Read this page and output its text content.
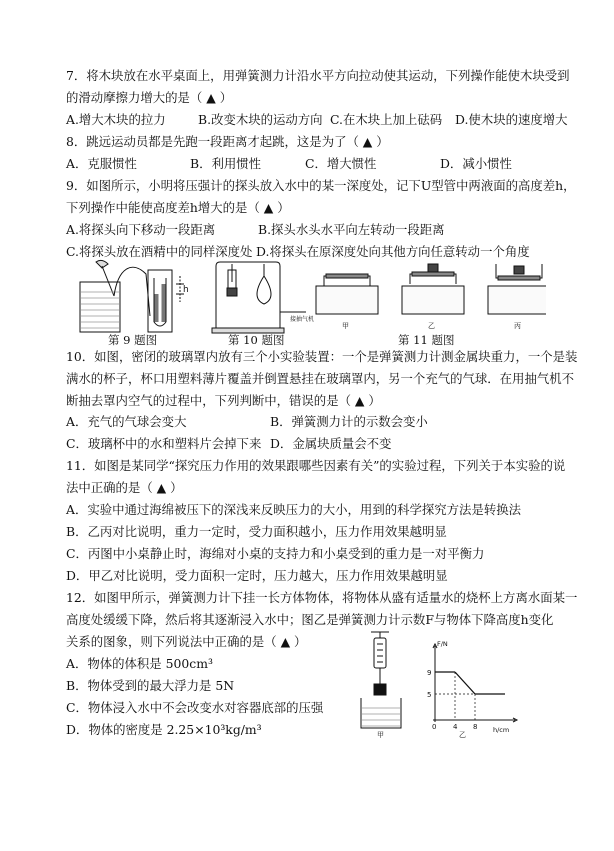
7．将木块放在水平桌面上，用弹簧测力计沿水平方向拉动使其运动，下列操作能使木块受到
的滑动摩擦力增大的是（ ▲ ）
A.增大木块的拉力	B.改变木块的运动方向 C.在木块上加上砝码 D.使木块的速度增大
8．跳远运动员都是先跑一段距离才起跳，这是为了（ ▲ ）
A．克服惯性	B．利用惯性	C．增大惯性	D．减小惯性
9．如图所示，小明将压强计的探头放入水中的某一深度处，记下U型管中两液面的高度差h，
下列操作中能使高度差h增大的是（ ▲ ）
A.将探头向下移动一段距离	B.探头水头水平向左转动一段距离
C.将探头放在酒精中的同样深度处 D.将探头在原深度处向其他方向任意转动一个角度
h
接抽气机
甲	乙	丙
第 9 题图	第 10 题图	第 11 题图
10．如图，密闭的玻璃罩内放有三个小实验装置：一个是弹簧测力计测金属块重力，一个是装
满水的杯子，杯口用塑料薄片覆盖并倒置悬挂在玻璃罩内，另一个充气的气球．在用抽气机不
断抽去罩内空气的过程中，下列判断中，错误的是（ ▲ ）
A．充气的气球会变大	B．弹簧测力计的示数会变小
C．玻璃杯中的水和塑料片会掉下来 D．金属块质量会不变
11．如图是某同学“探究压力作用的效果跟哪些因素有关”的实验过程，下列关于本实验的说
法中正确的是（ ▲ ）
A．实验中通过海绵被压下的深浅来反映压力的大小，用到的科学探究方法是转换法
B．乙丙对比说明，重力一定时，受力面积越小，压力作用效果越明显
C．丙图中小桌静止时，海绵对小桌的支持力和小桌受到的重力是一对平衡力
D．甲乙对比说明，受力面积一定时，压力越大，压力作用效果越明显
12．如图甲所示，弹簧测力计下挂一长方体物体，将物体从盛有适量水的烧杯上方离水面某一
高度处缓缓下降，然后将其逐渐浸入水中；图乙是弹簧测力计示数F与物体下降高度h变化
关系的图象，则下列说法中正确的是（ ▲ ）
A．物体的体积是 500cm³
B．物体受到的最大浮力是 5N
C．物体浸入水中不会改变水对容器底部的压强
D．物体的密度是 2.25×10³kg/m³	甲
F/N
h/cm
9
5
0 4 8
乙
